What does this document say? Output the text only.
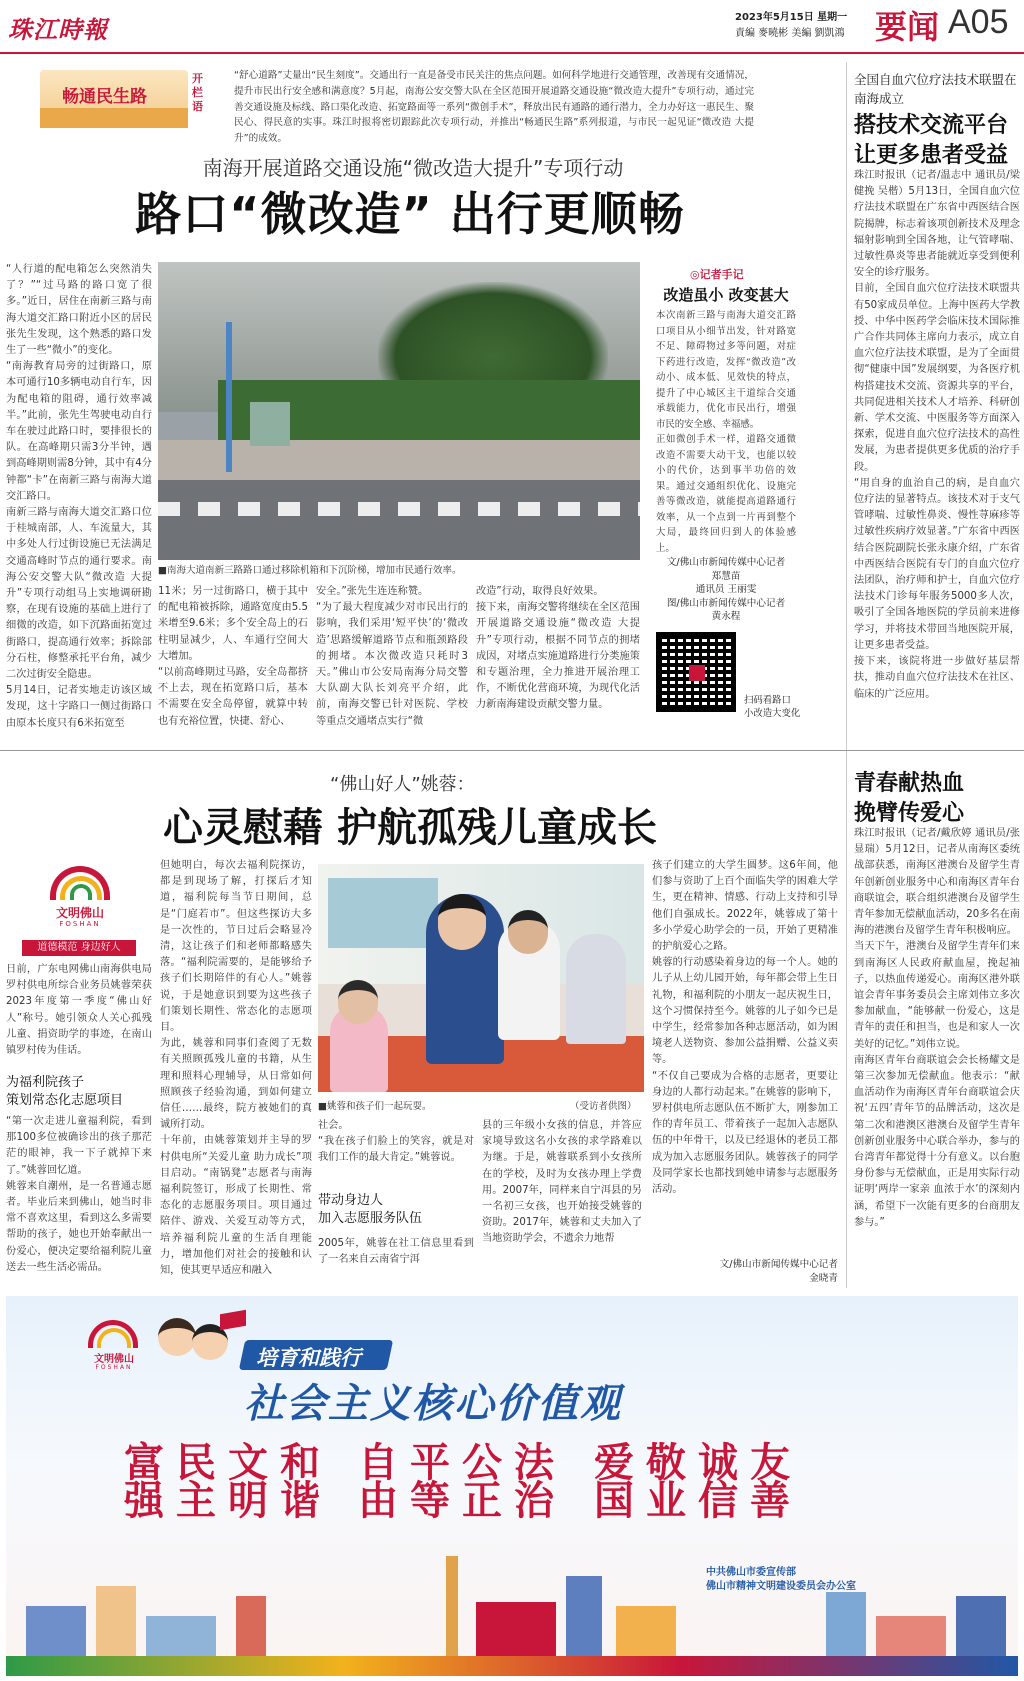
珠江時報	2023年5月15日 星期一
責編 麥曉彬 美編 劉凱鴻 要闻 A05
畅通民生路
开栏语
“舒心道路”丈量出“民生刻度”。交通出行一直是备受市民关注的焦点问题。如何科学地进行交通管理，改善现有交通情况，提升市民出行安全感和满意度？5月起，南海公安交警大队在全区范围开展道路交通设施“微改造大提升”专项行动，通过完善交通设施及标线、路口渠化改造、拓宽路面等一系列“微创手术”，释放出民有通路的通行潜力，全力办好这一惠民生、聚民心、得民意的实事。珠江时报将密切跟踪此次专项行动，并推出“畅通民生路”系列报道，与市民一起见证“微改造 大提升”的成效。
南海开展道路交通设施“微改造大提升”专项行动
路口“微改造” 出行更顺畅
“人行道的配电箱怎么突然消失了？”“过马路的路口宽了很多。”近日，居住在南新三路与南海大道交汇路口附近小区的居民张先生发现，这个熟悉的路口发生了一些“微小”的变化。
“南海教育局旁的过街路口，原本可通行10多辆电动自行车，因为配电箱的阻碍，通行效率减半。”此前，张先生驾驶电动自行车在驶过此路口时，要排很长的队。在高峰期只需3分半钟，遇到高峰期则需8分钟，其中有4分钟都“卡”在南新三路与南海大道交汇路口。
南新三路与南海大道交汇路口位于桂城南部，人、车流量大，其中多处人行过街设施已无法满足交通高峰时节点的通行要求。南海公安交警大队“微改造 大提升”专项行动组马上实地调研勘察，在现有设施的基础上进行了细微的改造，如下沉路面拓宽过街路口，提高通行效率；拆除部分石柱，修整承托平台角，减少二次过街安全隐患。
5月14日，记者实地走访该区域发现，这十字路口一侧过街路口由原本长度只有6米拓宽至
■南海大道南新三路路口通过移除机箱和下沉阶梯，增加市民通行效率。
11米；另一过街路口，横于其中的配电箱被拆除，通路宽度由5.5米增至9.6米；多个安全岛上的石柱明显减少，人、车通行空间大大增加。
“以前高峰期过马路，安全岛都挤不上去，现在拓宽路口后，基本不需要在安全岛停留，就算中转也有充裕位置，快捷、舒心、
安全。”张先生连连称赞。
“为了最大程度减少对市民出行的影响，我们采用‘短平快’的‘微改造’思路缓解道路节点和瓶颈路段的拥堵。本次微改造只耗时3天。”佛山市公安局南海分局交警大队副大队长刘亮平介绍，此前，南海交警已针对医院、学校等重点交通堵点实行“微
改造”行动，取得良好效果。
接下来，南海交警将继续在全区范围开展道路交通设施“微改造 大提升”专项行动，根据不同节点的拥堵成因，对堵点实施道路进行分类施策和专题治理，全力推进开展治理工作，不断优化营商环境，为现代化活力新南海建设贡献交警力量。
◎记者手记
改造虽小 改变甚大
本次南新三路与南海大道交汇路口项目从小细节出发，针对路宽不足、障碍物过多等问题，对症下药进行改造，发挥“微改造”改动小、成本低、见效快的特点，提升了中心城区主干道综合交通承载能力，优化市民出行，增强市民的安全感、幸福感。
正如微创手术一样，道路交通微改造不需要大动干戈，也能以较小的代价，达到事半功倍的效果。通过交通组织优化、设施完善等微改造，就能提高道路通行效率，从一个点到一片再到整个大局，最终回归到人的体验感上。
文/佛山市新闻传媒中心记者
郑慧苗
通讯员 王丽雯
图/佛山市新闻传媒中心记者
黄永程
扫码看路口
小改造大变化
全国自血穴位疗法技术联盟在南海成立
搭技术交流平台
让更多患者受益
珠江时报讯（记者/温志中 通讯员/梁健挽 吴楷）5月13日，全国自血穴位疗法技术联盟在广东省中西医结合医院揭牌，标志着该项创新技术及理念辐射影响到全国各地，让气管哮喘、过敏性鼻炎等患者能就近享受到便利安全的诊疗服务。
目前，全国自血穴位疗法技术联盟共有50家成员单位。上海中医药大学教授、中华中医药学会临床技术国际推广合作共同体主席向力表示，成立自血穴位疗法技术联盟，是为了全面贯彻“健康中国”发展纲要，为各医疗机构搭建技术交流、资源共享的平台，共同促进相关技术人才培养、科研创新、学术交流、中医服务等方面深入探索，促进自血穴位疗法技术的高性发展，为患者提供更多优质的治疗手段。
“用自身的血治自己的病，是自血穴位疗法的显著特点。该技术对于支气管哮喘、过敏性鼻炎、慢性荨麻疹等过敏性疾病疗效显著。”广东省中西医结合医院副院长张永康介绍，广东省中西医结合医院有专门的自血穴位疗法团队，治疗师和护士，自血穴位疗法技术门诊每年服务5000多人次，吸引了全国各地医院的学员前来进修学习，并将技术带回当地医院开展，让更多患者受益。
接下来，该院将进一步做好基层帮扶，推动自血穴位疗法技术在社区、临床的广泛应用。
青春献热血
挽臂传爱心
珠江时报讯（记者/戴欣婷 通讯员/张显瑞）5月12日，记者从南海区委统战部获悉，南海区港澳台及留学生青年创新创业服务中心和南海区青年台商联谊会，联合组织港澳台及留学生青年参加无偿献血活动，20多名在南海的港澳台及留学生青年积极响应。
当天下午，港澳台及留学生青年们来到南海区人民政府献血屋，挽起袖子，以热血传递爱心。南海区港外联谊会青年事务委员会主席刘伟立多次参加献血，“能够献一份爱心，这是青年的责任和担当，也是和家人一次美好的记忆。”刘伟立说。
南海区青年台商联谊会会长杨耀文是第三次参加无偿献血。他表示：“献血活动作为南海区青年台商联谊会庆祝‘五四’青年节的品牌活动，这次是第二次和港澳区港澳台及留学生青年创新创业服务中心联合举办，参与的台湾青年都觉得十分有意义。以台胞身份参与无偿献血，正是用实际行动证明‘两岸一家亲 血浓于水’的深刻内涵，希望下一次能有更多的台商朋友参与。”
“佛山好人”姚蓉：
心灵慰藉 护航孤残儿童成长
文明佛山
FOSHAN
道德模范 身边好人
日前，广东电网佛山南海供电局罗村供电所综合业务员姚蓉荣获2023年度第一季度“佛山好人”称号。她引领众人关心孤残儿童、捐资助学的事迹，在南山镇罗村传为佳话。
为福利院孩子
策划常态化志愿项目
“第一次走进儿童福利院，看到那100多位被确诊出的孩子那茫茫的眼神，我一下子就掉下来了。”姚蓉回忆道。
姚蓉来自潮州，是一名普通志愿者。毕业后来到佛山，她当时非常不喜欢这里，看到这么多需要帮助的孩子，她也开始奉献出一份爱心，便决定要给福利院儿童送去一些生活必需品。
但她明白，每次去福利院探访，都是到现场了解，打探后才知道，福利院每当节日期间，总是“门庭若市”。但这些探访大多是一次性的，节日过后会略显冷清，这让孩子们和老师都略感失落。“福利院需要的，是能够给予孩子们长期陪伴的有心人。”姚蓉说，于是她意识到要为这些孩子们策划长期性、常态化的志愿项目。
为此，姚蓉和同事们查阅了无数有关照顾孤残儿童的书籍，从生理和照料心理辅导，从日常如何照顾孩子经验沟通，到如何建立信任……最终，院方被她们的真诚所打动。
十年前，由姚蓉策划并主导的罗村供电所“关爱儿童 助力成长”项目启动。“南锅凳”志愿者与南海福利院签订，形成了长期性、常态化的志愿服务项目。项目通过陪伴、游戏、关爱互动等方式，培养福利院儿童的生活自理能力，增加他们对社会的接触和认知，使其更早适应和融入
■姚蓉和孩子们一起玩耍。	（受访者供图）
社会。
“我在孩子们脸上的笑容，就是对我们工作的最大肯定。”姚蓉说。
带动身边人
加入志愿服务队伍
2005年，姚蓉在社工信息里看到了一名来自云南省宁洱
县的三年级小女孩的信息，并答应家境导致这名小女孩的求学路难以为继。于是，姚蓉联系到小女孩所在的学校，及时为女孩办理上学费用。2007年，同样来自宁洱县的另一名初三女孩，也开始接受姚蓉的资助。2017年，姚蓉和丈夫加入了当地资助学会，不遗余力地帮
孩子们建立的大学生圆梦。这6年间，他们参与资助了上百个面临失学的困难大学生，更在精神、情感、行动上支持和引导他们自强成长。2022年，姚蓉成了第十多小学爱心助学会的一员，开始了更精准的护航爱心之路。
姚蓉的行动感染着身边的每一个人。她的儿子从上幼儿园开始，每年都会带上生日礼物，和福利院的小朋友一起庆祝生日，这个习惯保持至今。姚蓉的儿子如今已是中学生，经常参加各种志愿活动，如为困境老人送物资、参加公益捐赠、公益义卖等。
“不仅自己要成为合格的志愿者，更要让身边的人都行动起来。”在姚蓉的影响下，罗村供电所志愿队伍不断扩大，刚参加工作的青年员工、带着孩子一起加入志愿队伍的中年骨干，以及已经退休的老员工都成为加入志愿服务团队。姚蓉孩子的同学及同学家长也都找到她申请参与志愿服务活动。
文/佛山市新闻传媒中心记者
金晓青
文明佛山
FOSHAN	培育和践行
社会主义核心价值观
富民文和
强主明谐
自平公法
由等正治
爱敬诚友
国业信善
中共佛山市委宣传部
佛山市精神文明建设委员会办公室
